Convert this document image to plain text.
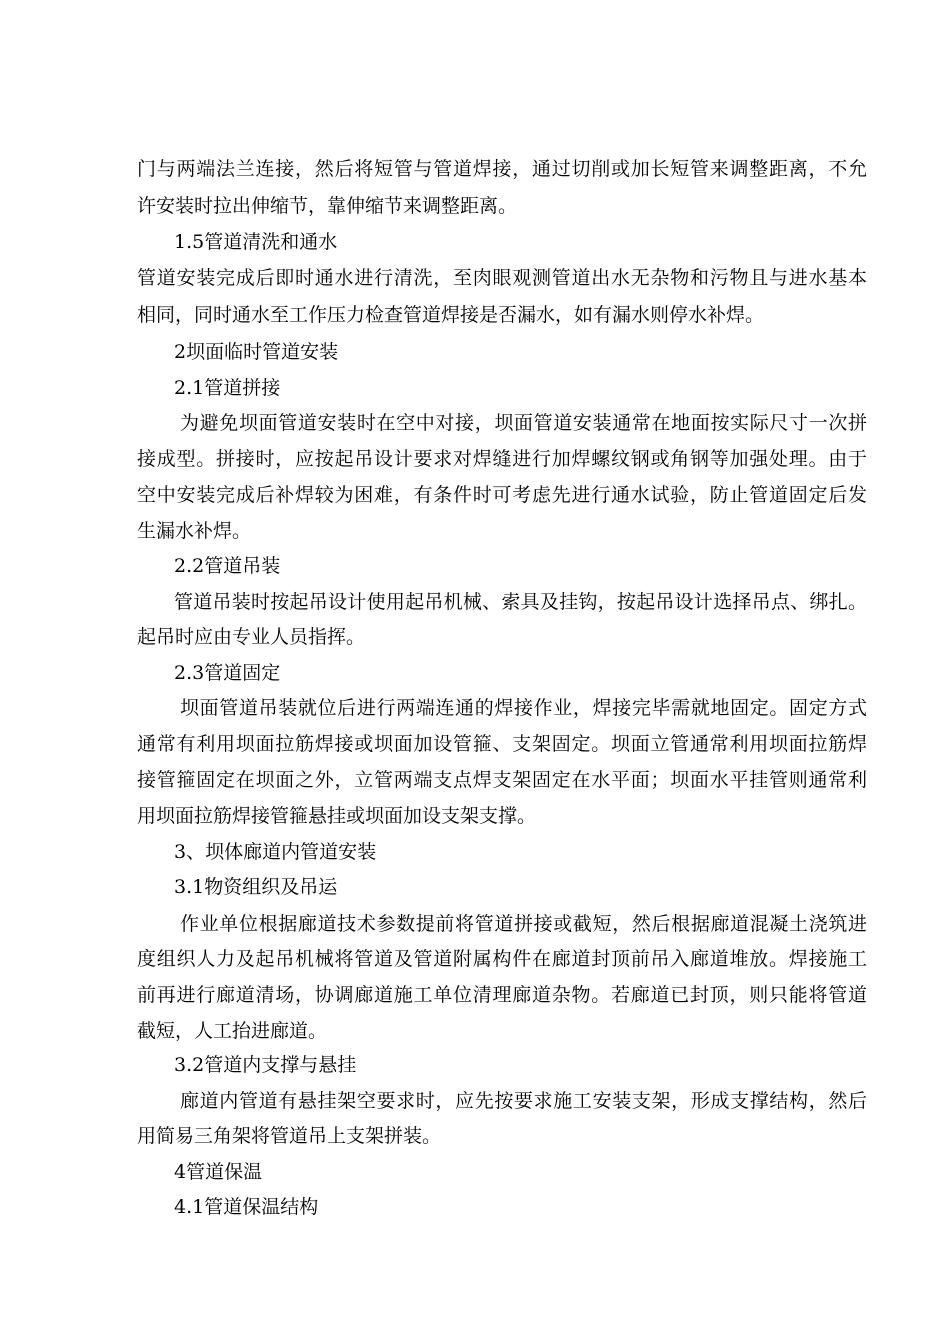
门与两端法兰连接，然后将短管与管道焊接，通过切削或加长短管来调整距离，不允
许安装时拉出伸缩节，靠伸缩节来调整距离。
1.5管道清洗和通水
管道安装完成后即时通水进行清洗，至肉眼观测管道出水无杂物和污物且与进水基本
相同，同时通水至工作压力检查管道焊接是否漏水，如有漏水则停水补焊。
2坝面临时管道安装
2.1管道拼接
为避免坝面管道安装时在空中对接，坝面管道安装通常在地面按实际尺寸一次拼
接成型。拼接时，应按起吊设计要求对焊缝进行加焊螺纹钢或角钢等加强处理。由于
空中安装完成后补焊较为困难，有条件时可考虑先进行通水试验，防止管道固定后发
生漏水补焊。
2.2管道吊装
管道吊装时按起吊设计使用起吊机械、索具及挂钩，按起吊设计选择吊点、绑扎。
起吊时应由专业人员指挥。
2.3管道固定
坝面管道吊装就位后进行两端连通的焊接作业，焊接完毕需就地固定。固定方式
通常有利用坝面拉筋焊接或坝面加设管箍、支架固定。坝面立管通常利用坝面拉筋焊
接管箍固定在坝面之外，立管两端支点焊支架固定在水平面；坝面水平挂管则通常利
用坝面拉筋焊接管箍悬挂或坝面加设支架支撑。
3、坝体廊道内管道安装
3.1物资组织及吊运
作业单位根据廊道技术参数提前将管道拼接或截短，然后根据廊道混凝土浇筑进
度组织人力及起吊机械将管道及管道附属构件在廊道封顶前吊入廊道堆放。焊接施工
前再进行廊道清场，协调廊道施工单位清理廊道杂物。若廊道已封顶，则只能将管道
截短，人工抬进廊道。
3.2管道内支撑与悬挂
廊道内管道有悬挂架空要求时，应先按要求施工安装支架，形成支撑结构，然后
用简易三角架将管道吊上支架拼装。
4管道保温
4.1管道保温结构
